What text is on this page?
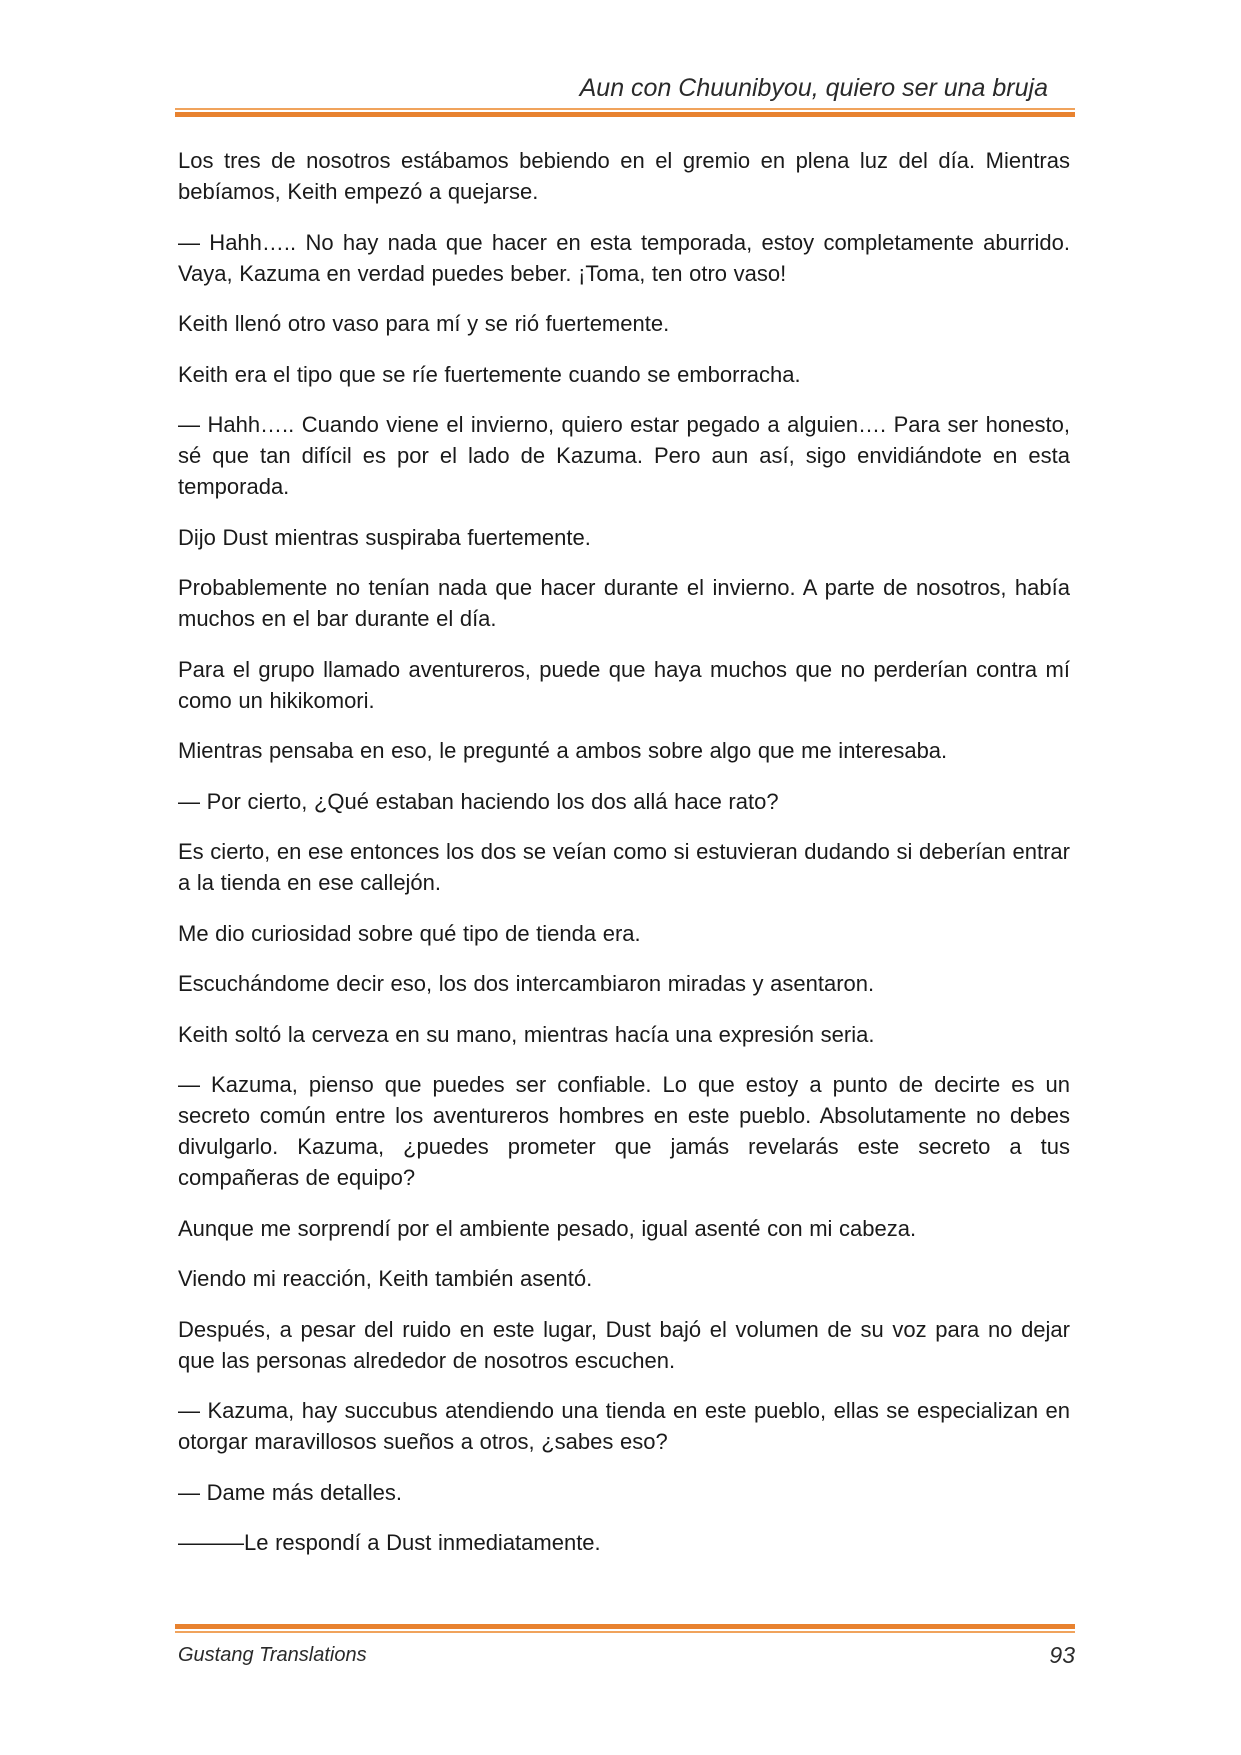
Aun con Chuunibyou, quiero ser una bruja

Los tres de nosotros estábamos bebiendo en el gremio en plena luz del día. Mientras bebíamos, Keith empezó a quejarse.

— Hahh….. No hay nada que hacer en esta temporada, estoy completamente aburrido. Vaya, Kazuma en verdad puedes beber. ¡Toma, ten otro vaso!

Keith llenó otro vaso para mí y se rió fuertemente.

Keith era el tipo que se ríe fuertemente cuando se emborracha.

— Hahh….. Cuando viene el invierno, quiero estar pegado a alguien…. Para ser honesto, sé que tan difícil es por el lado de Kazuma. Pero aun así, sigo envidiándote en esta temporada.

Dijo Dust mientras suspiraba fuertemente.

Probablemente no tenían nada que hacer durante el invierno. A parte de nosotros, había muchos en el bar durante el día.

Para el grupo llamado aventureros, puede que haya muchos que no perderían contra mí como un hikikomori.

Mientras pensaba en eso, le pregunté a ambos sobre algo que me interesaba.

— Por cierto, ¿Qué estaban haciendo los dos allá hace rato?

Es cierto, en ese entonces los dos se veían como si estuvieran dudando si deberían entrar a la tienda en ese callejón.

Me dio curiosidad sobre qué tipo de tienda era.

Escuchándome decir eso, los dos intercambiaron miradas y asentaron.

Keith soltó la cerveza en su mano, mientras hacía una expresión seria.

— Kazuma, pienso que puedes ser confiable. Lo que estoy a punto de decirte es un secreto común entre los aventureros hombres en este pueblo. Absolutamente no debes divulgarlo. Kazuma, ¿puedes prometer que jamás revelarás este secreto a tus compañeras de equipo?

Aunque me sorprendí por el ambiente pesado, igual asenté con mi cabeza.

Viendo mi reacción, Keith también asentó.

Después, a pesar del ruido en este lugar, Dust bajó el volumen de su voz para no dejar que las personas alrededor de nosotros escuchen.

— Kazuma, hay succubus atendiendo una tienda en este pueblo, ellas se especializan en otorgar maravillosos sueños a otros, ¿sabes eso?

— Dame más detalles.

———Le respondí a Dust inmediatamente.

Gustang Translations	93
